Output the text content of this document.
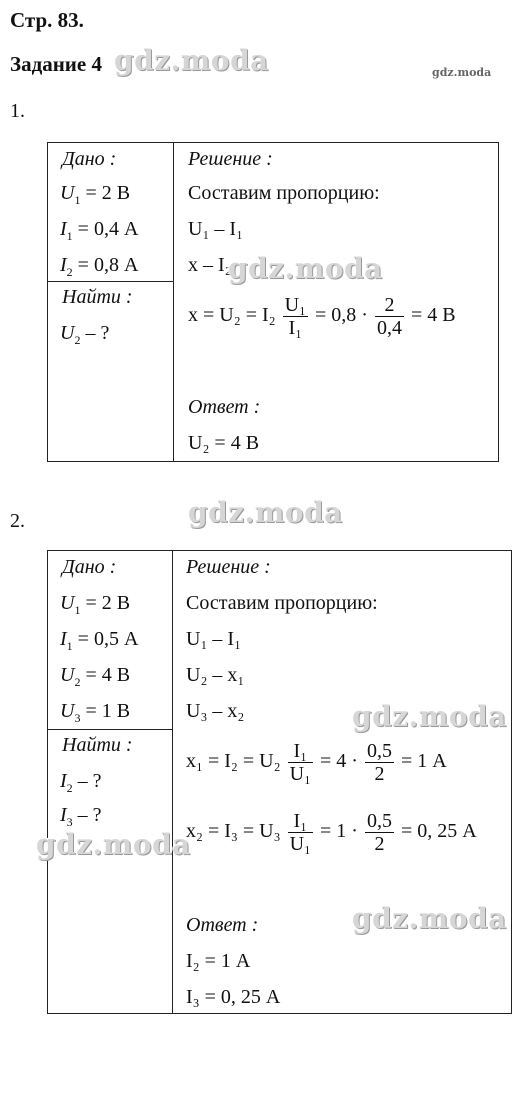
Стр. 83.
Задание 4 gdz.moda	gdz.moda
1.
Дано :
$U_1 = 2$ В
$I_1 = 0,4$ А
$I_2 = 0,8$ А
Найти :
$U_2$ – ?
Решение :
Составим пропорцию:
U₁ – I₁
x – I₂
$x = U_2 = I_2 \frac{\text{U₁}}{\text{I₁}} = 0,8 \cdot \frac{2}{0,4} = 4$ В
Ответ :
U₂ = 4 В
gdz.moda
2.	gdz.moda
Дано :
$U_1 = 2$ В
$I_1 = 0,5$ А
$U_2 = 4$ В
$U_3 = 1$ В
Найти :
$I_2$ – ?
$I_3$ – ?
Решение :
Составим пропорцию:
U₁ – I₁
U₂ – x₁
U₃ – x₂
$x_1 = I_2 = U_2 \frac{\text{I₁}}{\text{U₁}} = 4 \cdot \frac{0,5}{2} = 1$ А
$x_2 = I_3 = U_3 \frac{\text{I₁}}{\text{U₁}} = 1 \cdot \frac{0,5}{2} = 0$, 25 А
Ответ :
I₂ = 1 А
I₃ = 0, 25 А
gdz.moda
gdz.moda
gdz.moda
